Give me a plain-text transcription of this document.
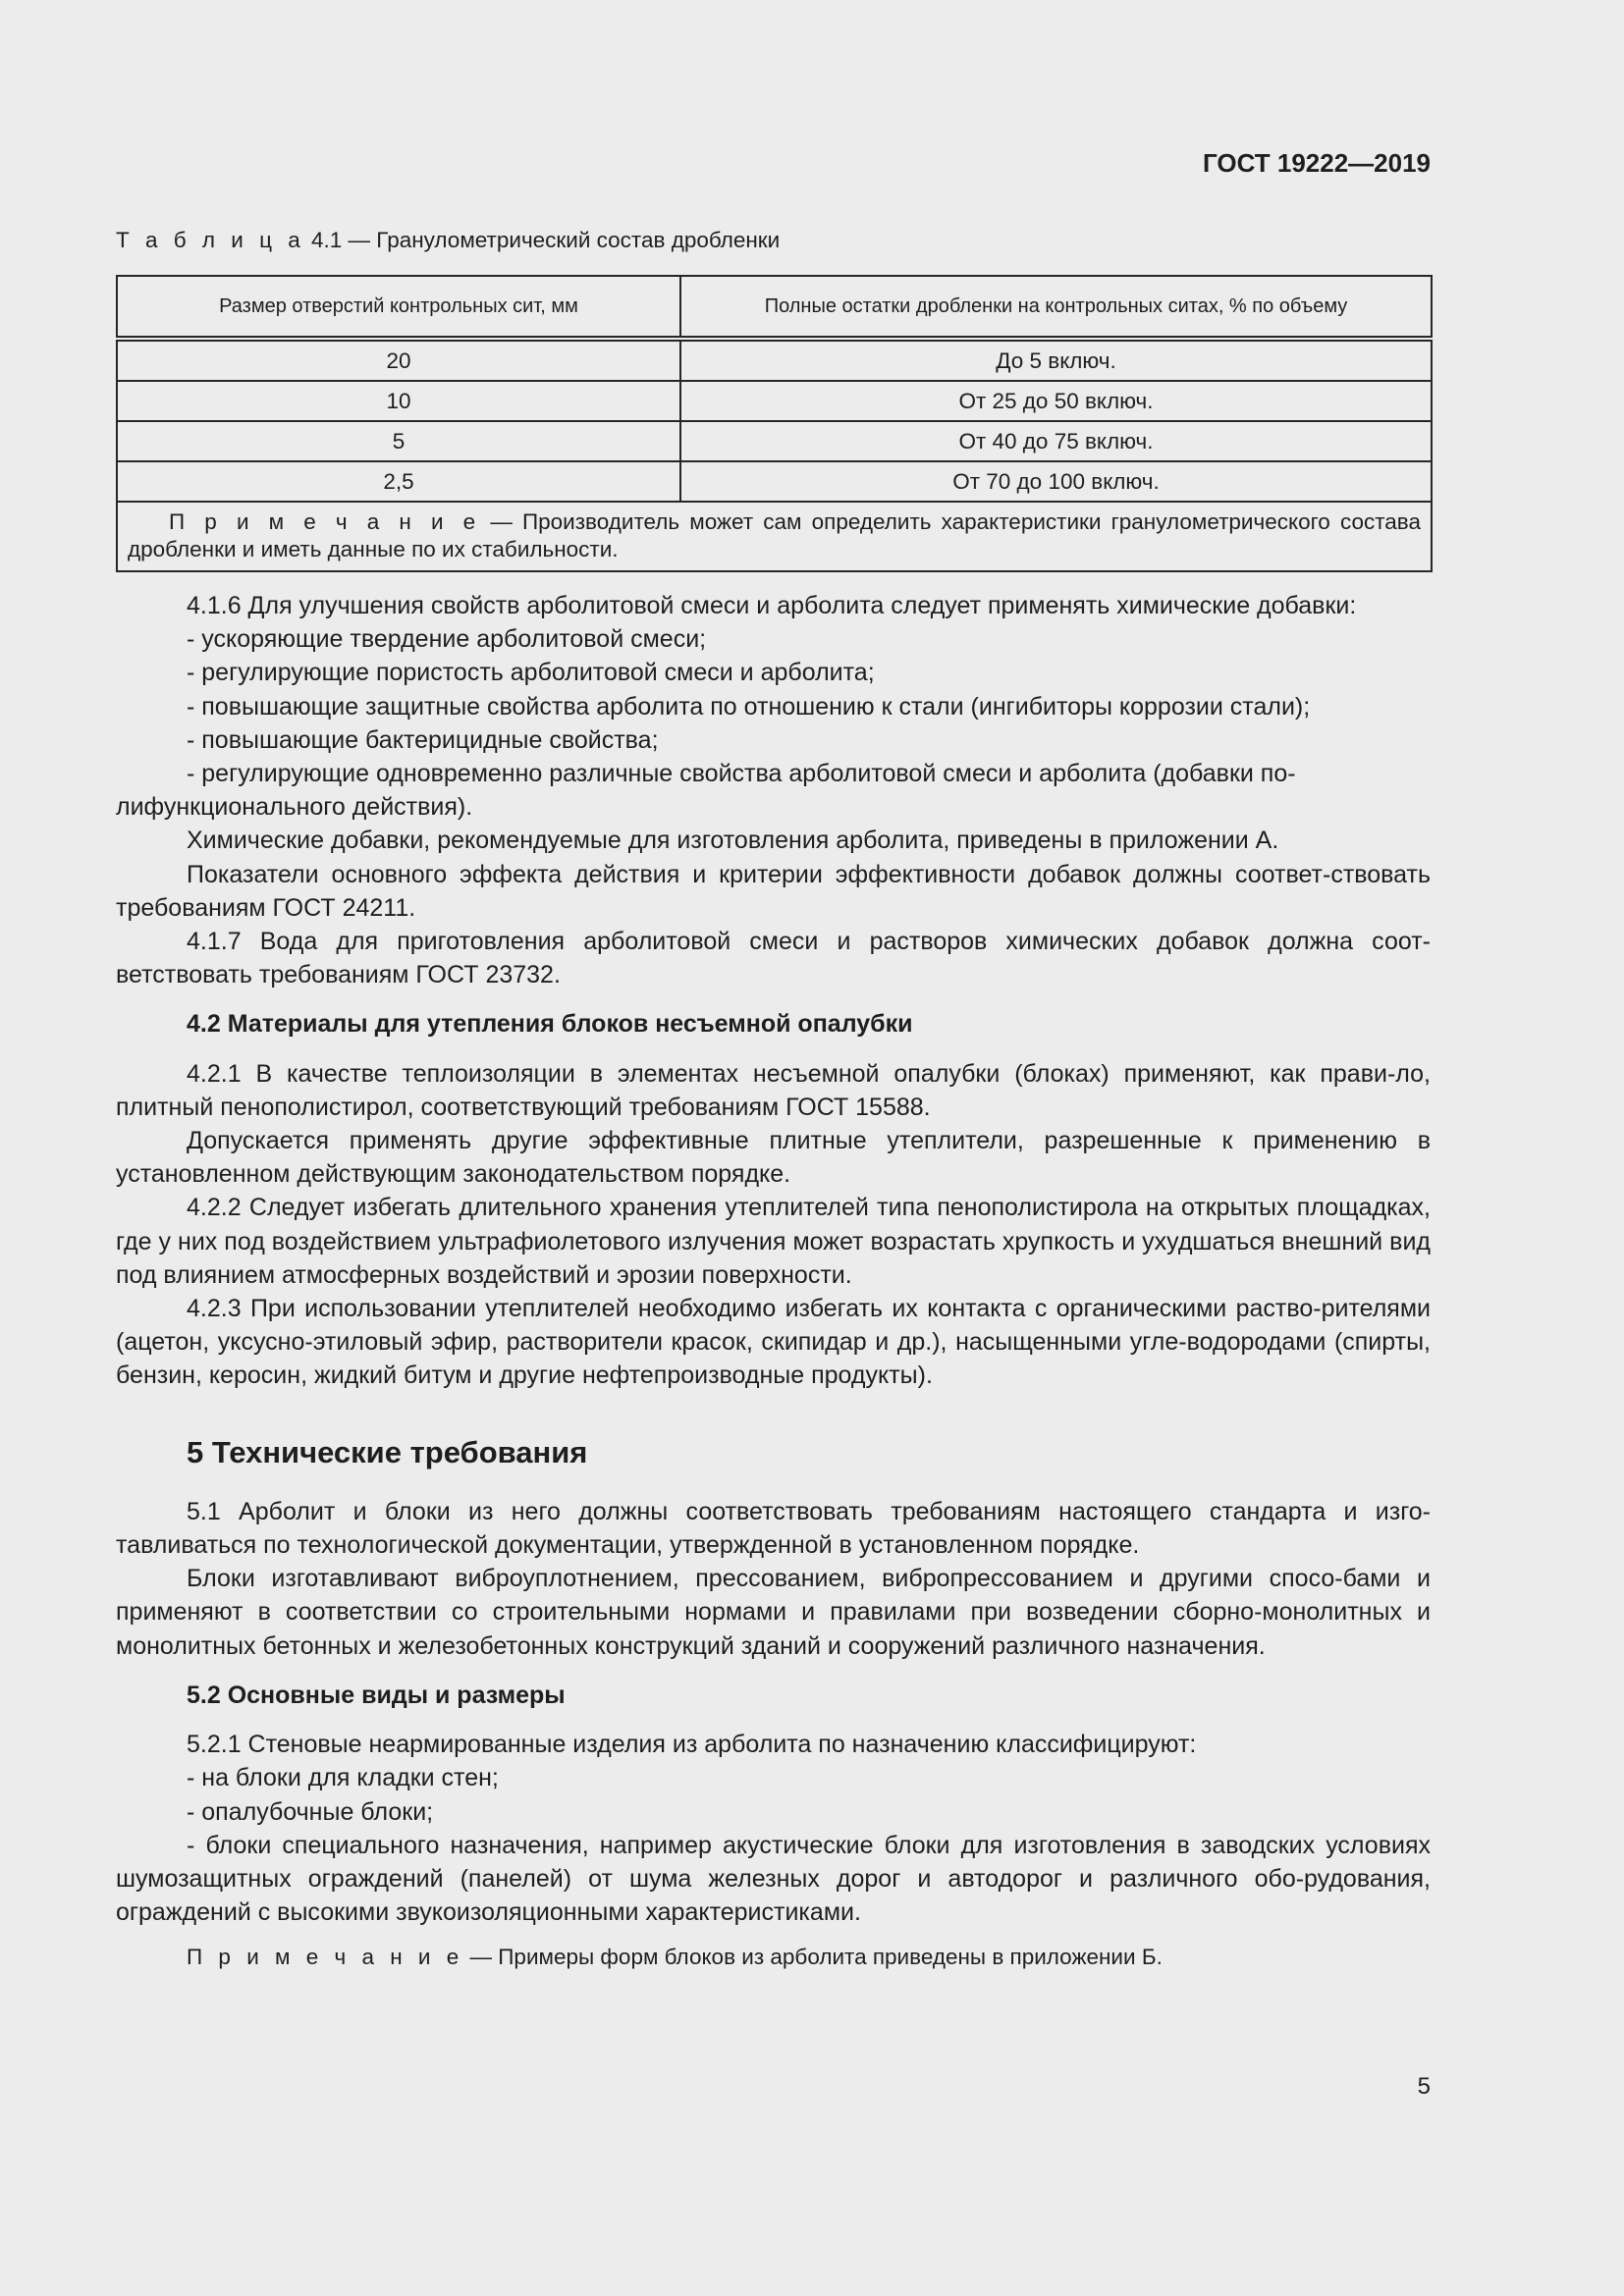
ГОСТ 19222—2019
Т а б л и ц а 4.1 — Гранулометрический состав дробленки
Размер отверстий контрольных сит, мм	Полные остатки дробленки на контрольных ситах, % по объему
20	До 5 включ.
10	От 25 до 50 включ.
5	От 40 до 75 включ.
2,5	От 70 до 100 включ.
П р и м е ч а н и е — Производитель может сам определить характеристики гранулометрического состава дробленки и иметь данные по их стабильности.	

4.1.6 Для улучшения свойств арболитовой смеси и арболита следует применять химические добавки:

- ускоряющие твердение арболитовой смеси;

- регулирующие пористость арболитовой смеси и арболита;

- повышающие защитные свойства арболита по отношению к стали (ингибиторы коррозии стали);

- повышающие бактерицидные свойства;

- регулирующие одновременно различные свойства арболитовой смеси и арболита (добавки по-

лифункционального действия).

Химические добавки, рекомендуемые для изготовления арболита, приведены в приложении А.

Показатели основного эффекта действия и критерии эффективности добавок должны соответ-ствовать требованиям ГОСТ 24211.

4.1.7 Вода для приготовления арболитовой смеси и растворов химических добавок должна соот-ветствовать требованиям ГОСТ 23732.

4.2 Материалы для утепления блоков несъемной опалубки

4.2.1 В качестве теплоизоляции в элементах несъемной опалубки (блоках) применяют, как прави-ло, плитный пенополистирол, соответствующий требованиям ГОСТ 15588.

Допускается применять другие эффективные плитные утеплители, разрешенные к применению в установленном действующим законодательством порядке.

4.2.2 Следует избегать длительного хранения утеплителей типа пенополистирола на открытых площадках, где у них под воздействием ультрафиолетового излучения может возрастать хрупкость и ухудшаться внешний вид под влиянием атмосферных воздействий и эрозии поверхности.

4.2.3 При использовании утеплителей необходимо избегать их контакта с органическими раство-рителями (ацетон, уксусно-этиловый эфир, растворители красок, скипидар и др.), насыщенными угле-водородами (спирты, бензин, керосин, жидкий битум и другие нефтепроизводные продукты).

5 Технические требования

5.1 Арболит и блоки из него должны соответствовать требованиям настоящего стандарта и изго-тавливаться по технологической документации, утвержденной в установленном порядке.

Блоки изготавливают виброуплотнением, прессованием, вибропрессованием и другими спосо-бами и применяют в соответствии со строительными нормами и правилами при возведении сборно-монолитных и монолитных бетонных и железобетонных конструкций зданий и сооружений различного назначения.

5.2 Основные виды и размеры

5.2.1 Стеновые неармированные изделия из арболита по назначению классифицируют:

- на блоки для кладки стен;

- опалубочные блоки;

- блоки специального назначения, например акустические блоки для изготовления в заводских условиях шумозащитных ограждений (панелей) от шума железных дорог и автодорог и различного обо-рудования, ограждений с высокими звукоизоляционными характеристиками.

П р и м е ч а н и е — Примеры форм блоков из арболита приведены в приложении Б.

5
